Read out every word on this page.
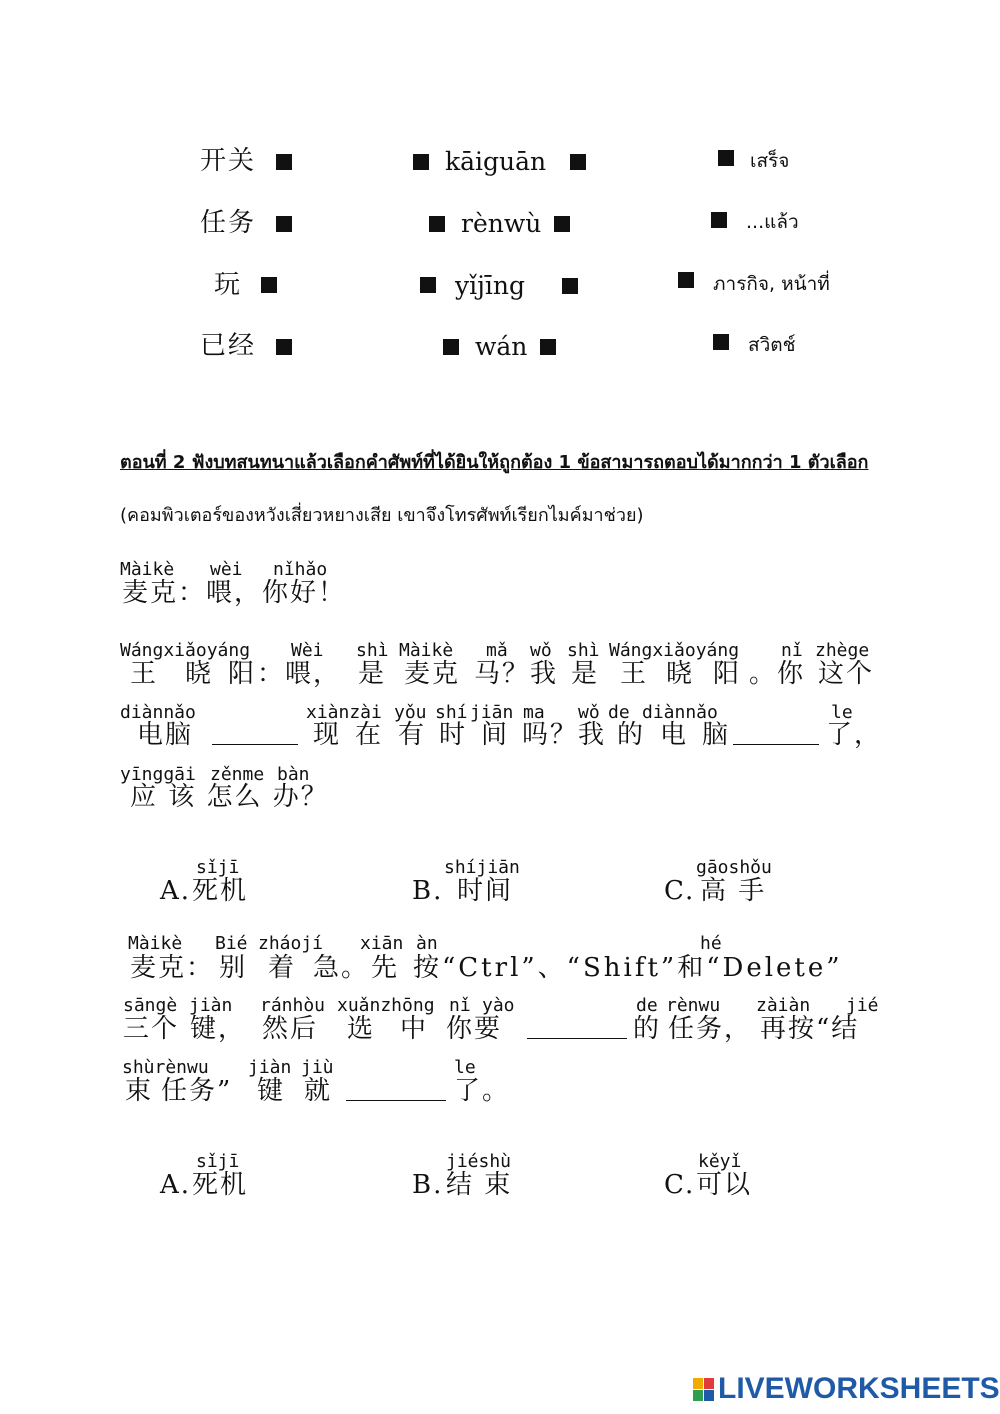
开关	kāiguān	เสร็จ
任务	rènwù	...แล้ว
玩	yǐjīng	ภารกิจ, หน้าที่
已经	wán	สวิตช์
ตอนที่ 2 ฟังบทสนทนาแล้วเลือกคำศัพท์ที่ได้ยินให้ถูกต้อง 1 ข้อสามารถตอบได้มากกว่า 1 ตัวเลือก
(คอมพิวเตอร์ของหวังเสี่ยวหยางเสีย เขาจึงโทรศัพท์เรียกไมค์มาช่วย)
Màikè wèi nǐhǎo
麦克：喂，你好！
Wángxiǎoyáng Wèi shì Màikè mǎ wǒ shì Wángxiǎoyáng nǐ zhège
王 晓 阳 ：喂， 是 麦克 马？我 是 王 晓 阳 。你 这个
diànnǎo	xiànzài yǒu shí jiān ma wǒ de diànnǎo	le
电脑	现 在 有 时 间 吗？我 的 电 脑	了，
yīnggāi zěnme bàn
应 该 怎么 办？
sǐjī
A. 死机
shíjiān
B. 时间
gāoshǒu
C. 高 手
Màikè Bié zháojí xiān àn	hé
麦克： 别 着 急。 先 按“Ctrl”、“Shift”和“Delete”
sāngè jiàn ránhòu xuǎnzhōng nǐ yào	de rènwu zàiàn jié
三个 键， 然后 选 中 你要	的 任务， 再按“结
shùrènwu jiàn jiù	le
束 任务” 键 就	了。
sǐjī
A. 死机
jiéshù
B. 结 束
kěyǐ
C. 可以
LIVEWORKSHEETS
